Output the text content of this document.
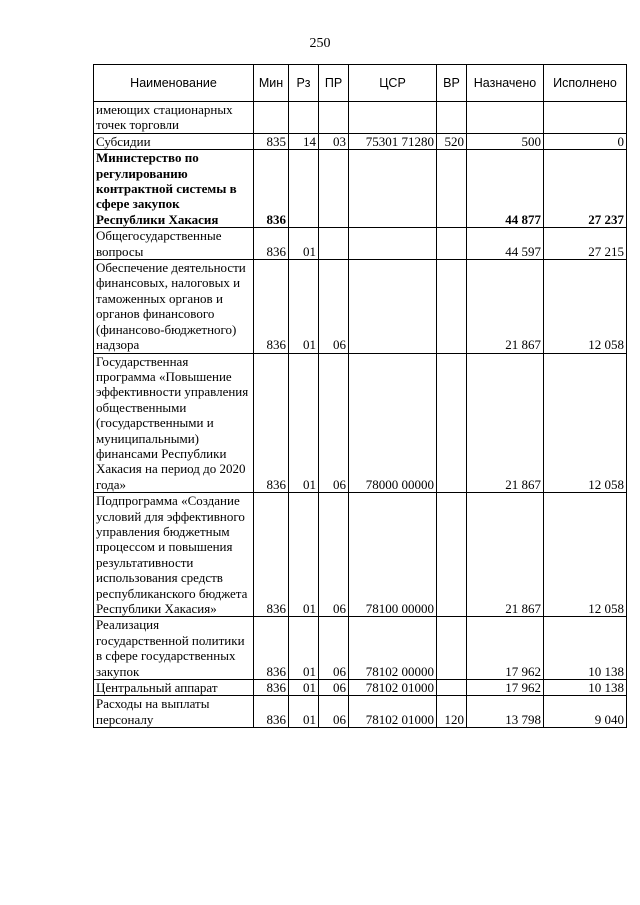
250
Наименование	Мин	Рз	ПР	ЦСР	ВР	Назначено	Исполнено
имеющих стационарных точек торговли							
Субсидии	835	14	03	75301 71280	520	500	0
Министерство по регулированию контрактной системы в сфере закупок Республики Хакасия	836					44 877	27 237
Общегосударственные вопросы	836	01				44 597	27 215
Обеспечение деятельности финансовых, налоговых и таможенных органов и органов финансового (финансово-бюджетного) надзора	836	01	06			21 867	12 058
Государственная программа «Повышение эффективности управления общественными (государственными и муниципальными) финансами Республики Хакасия на период до 2020 года»	836	01	06	78000 00000		21 867	12 058
Подпрограмма «Создание условий для эффективного управления бюджетным процессом и повышения результативности использования средств республиканского бюджета Республики Хакасия»	836	01	06	78100 00000		21 867	12 058
Реализация государственной политики в сфере государственных закупок	836	01	06	78102 00000		17 962	10 138
Центральный аппарат	836	01	06	78102 01000		17 962	10 138
Расходы на выплаты персоналу	836	01	06	78102 01000	120	13 798	9 040
